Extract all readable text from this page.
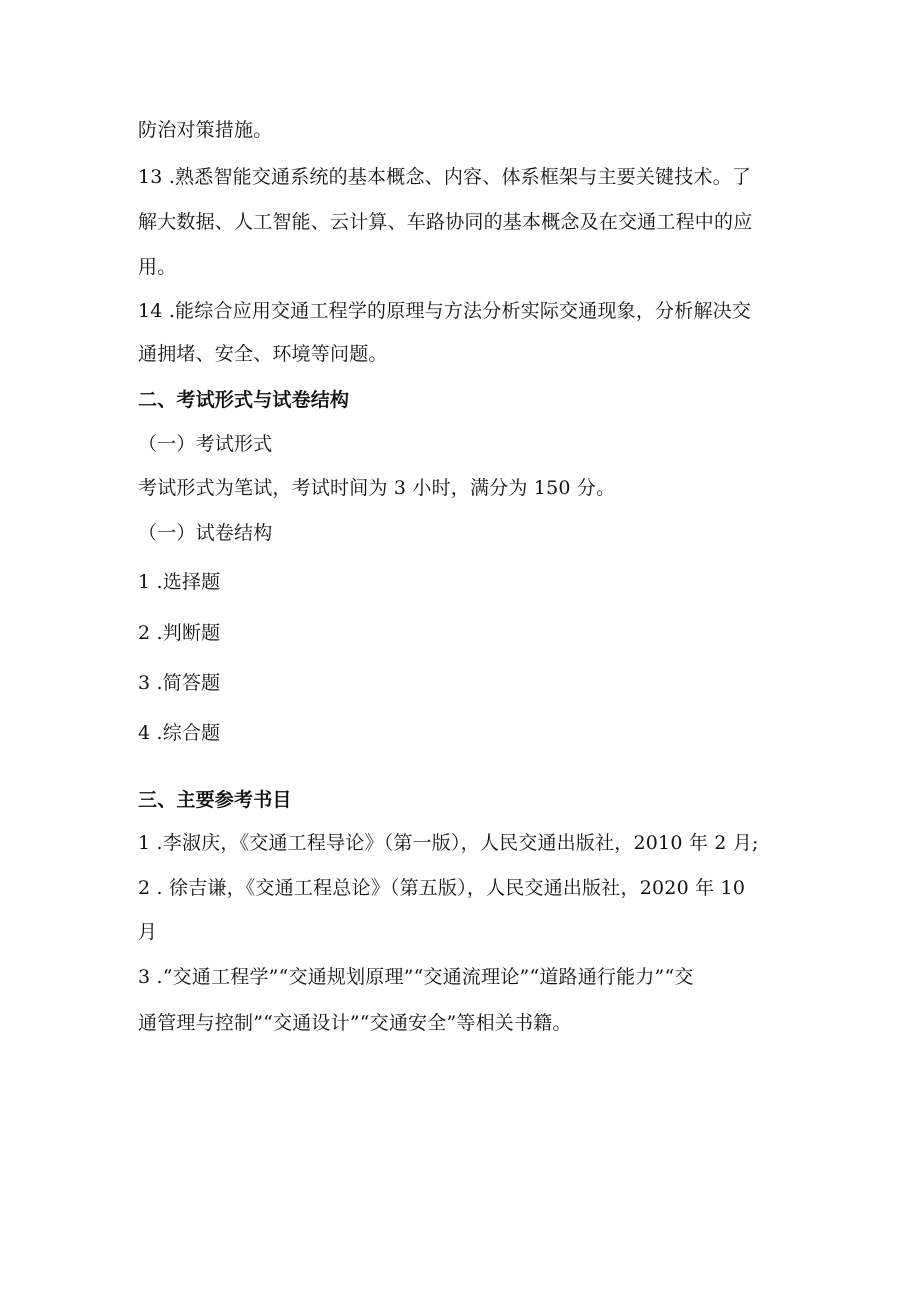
防治对策措施。
13 .熟悉智能交通系统的基本概念、内容、体系框架与主要关键技术。了
解大数据、人工智能、云计算、车路协同的基本概念及在交通工程中的应
用。
14 .能综合应用交通工程学的原理与方法分析实际交通现象，分析解决交
通拥堵、安全、环境等问题。
二、考试形式与试卷结构
（一）考试形式
考试形式为笔试，考试时间为 3 小时，满分为 150 分。
（一）试卷结构
1 .选择题
2 .判断题
3 .简答题
4 .综合题
三、主要参考书目
1 .李淑庆，《交通工程导论》（第一版），人民交通出版社，2010 年 2 月;
2 . 徐吉谦，《交通工程总论》（第五版），人民交通出版社，2020 年 10
月
3 .“交通工程学”“交通规划原理”“交通流理论”“道路通行能力”“交
通管理与控制”“交通设计”“交通安全”等相关书籍。
